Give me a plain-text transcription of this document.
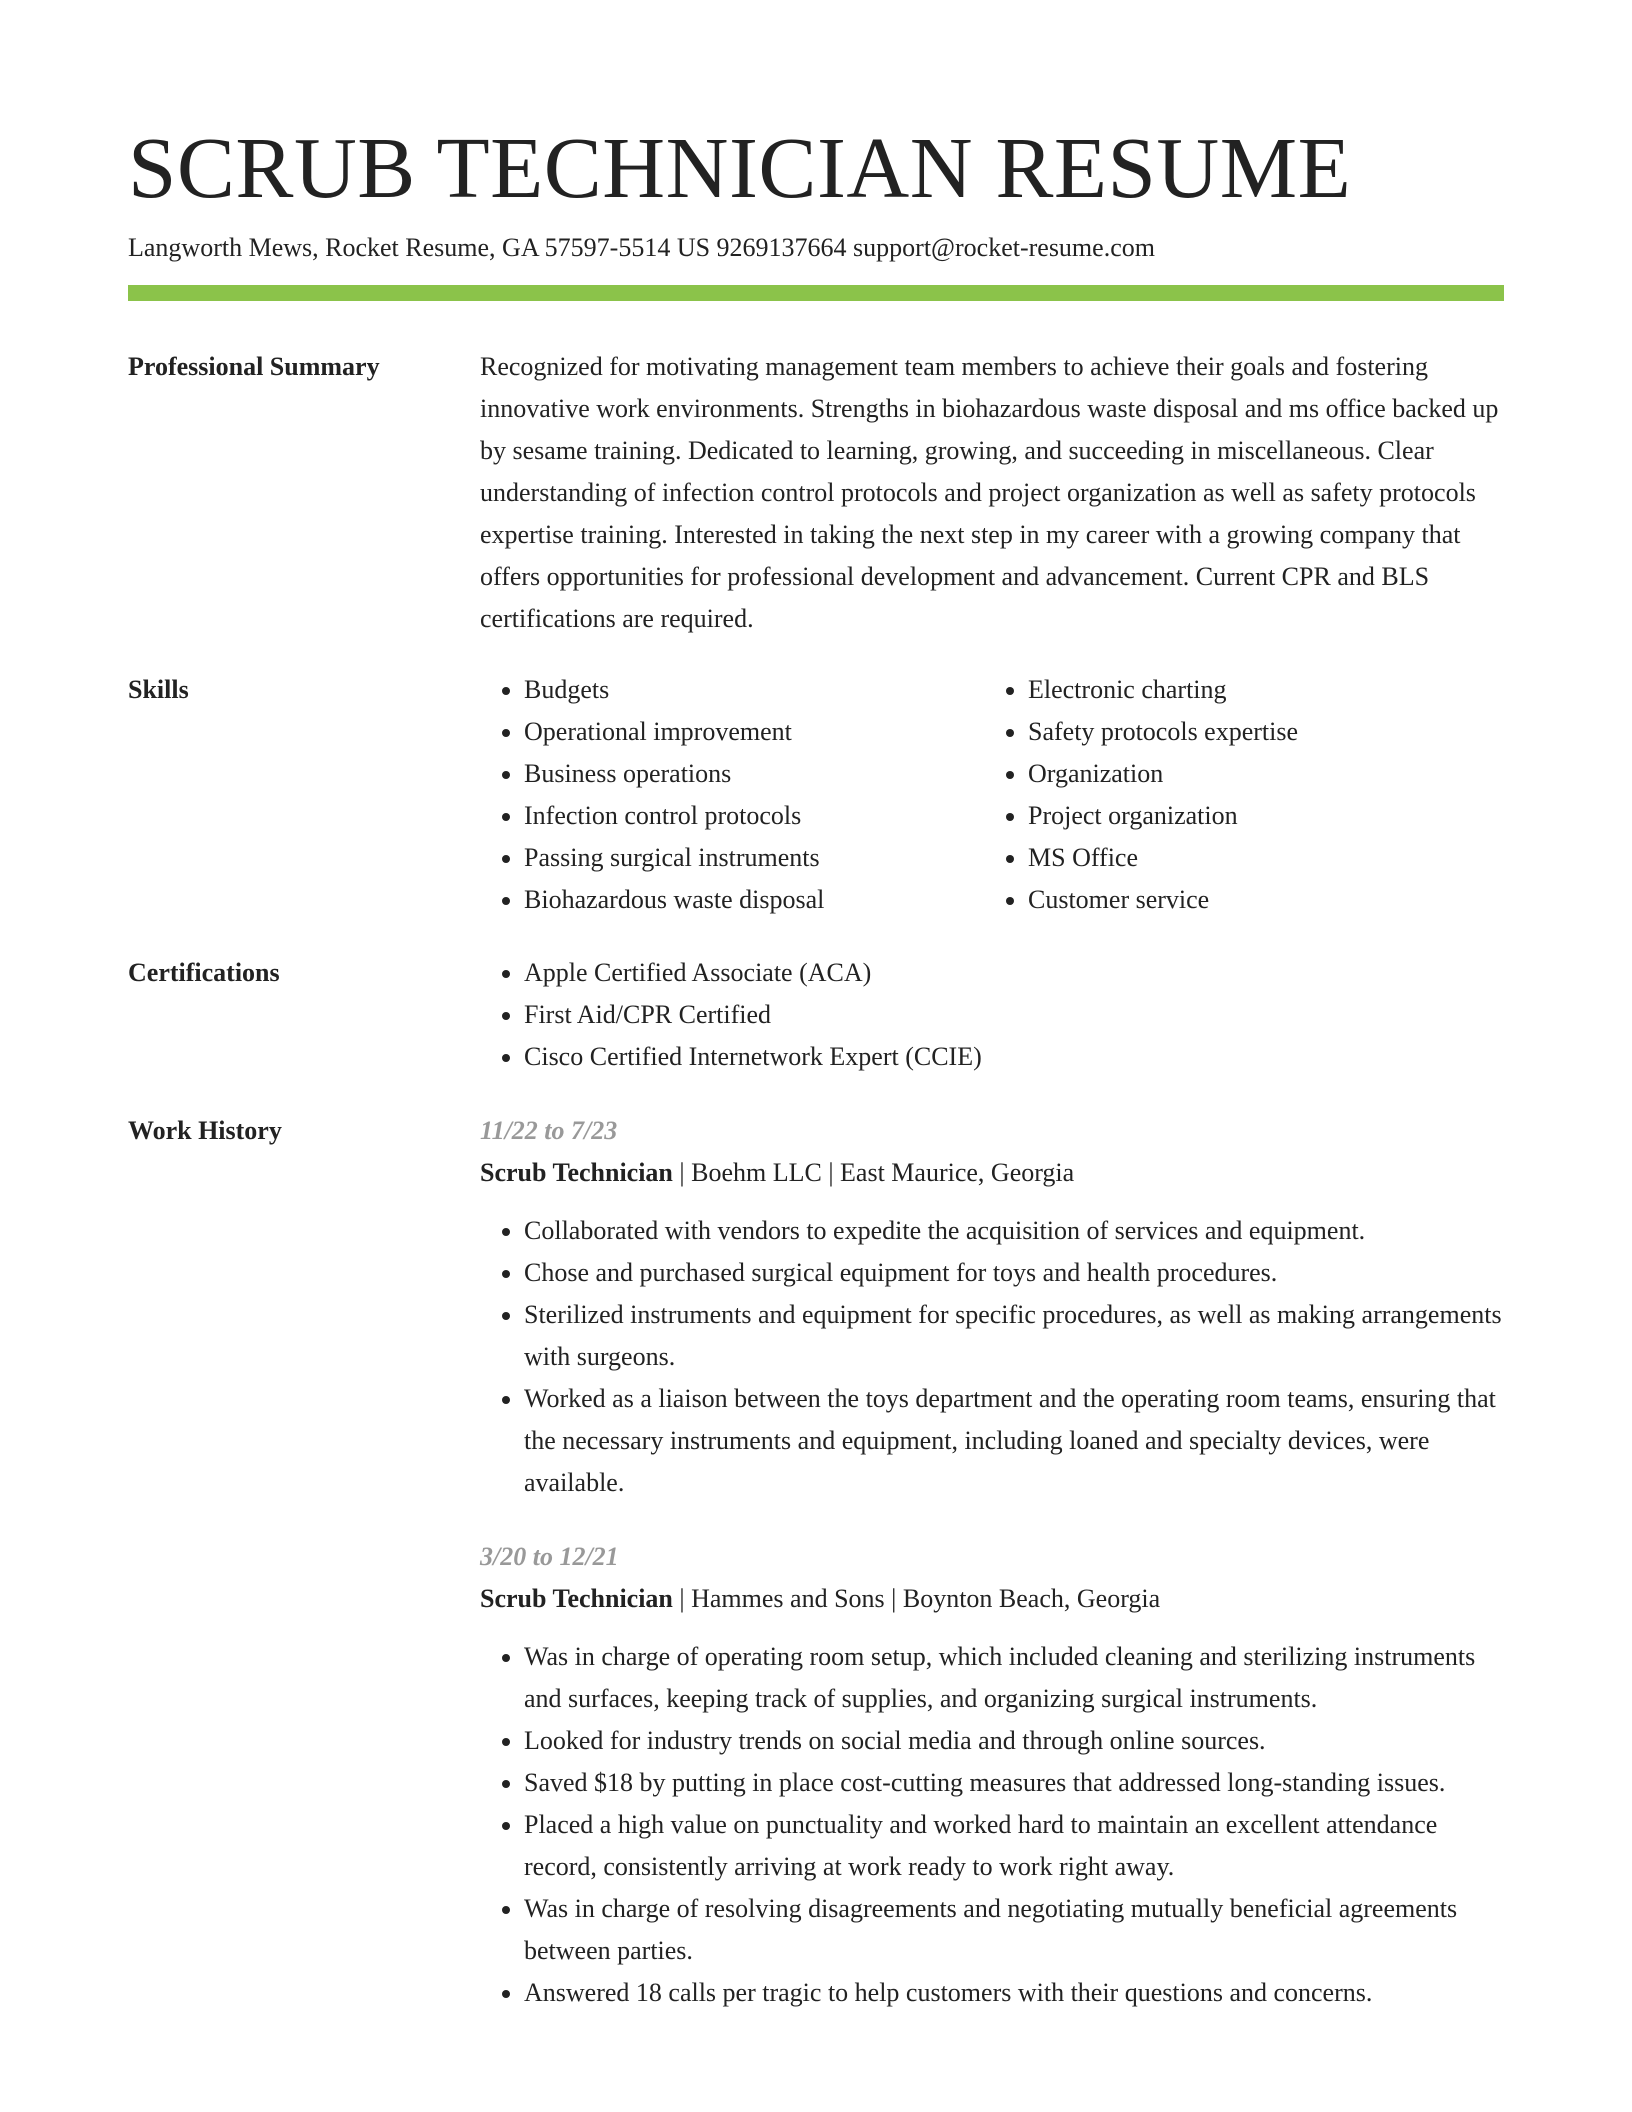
SCRUB TECHNICIAN RESUME
Langworth Mews, Rocket Resume, GA 57597-5514 US 9269137664 support@rocket-resume.com
Professional Summary	Recognized for motivating management team members to achieve their goals and fostering innovative work environments. Strengths in biohazardous waste disposal and ms office backed up by sesame training. Dedicated to learning, growing, and succeeding in miscellaneous. Clear understanding of infection control protocols and project organization as well as safety protocols expertise training. Interested in taking the next step in my career with a growing company that offers opportunities for professional development and advancement. Current CPR and BLS certifications are required.

Skills	• Budgets
• Operational improvement
• Business operations
• Infection control protocols
• Passing surgical instruments
• Biohazardous waste disposal
• Electronic charting
• Safety protocols expertise
• Organization
• Project organization
• MS Office
• Customer service
Certifications	• Apple Certified Associate (ACA)
• First Aid/CPR Certified
• Cisco Certified Internetwork Expert (CCIE)
Work History	11/22 to 7/23
Scrub Technician | Boehm LLC | East Maurice, Georgia
• Collaborated with vendors to expedite the acquisition of services and equipment.
• Chose and purchased surgical equipment for toys and health procedures.
• Sterilized instruments and equipment for specific procedures, as well as making arrangements with surgeons.
• Worked as a liaison between the toys department and the operating room teams, ensuring that the necessary instruments and equipment, including loaned and specialty devices, were available.
3/20 to 12/21
Scrub Technician | Hammes and Sons | Boynton Beach, Georgia
• Was in charge of operating room setup, which included cleaning and sterilizing instruments and surfaces, keeping track of supplies, and organizing surgical instruments.
• Looked for industry trends on social media and through online sources.
• Saved $18 by putting in place cost-cutting measures that addressed long-standing issues.
• Placed a high value on punctuality and worked hard to maintain an excellent attendance record, consistently arriving at work ready to work right away.
• Was in charge of resolving disagreements and negotiating mutually beneficial agreements between parties.
• Answered 18 calls per tragic to help customers with their questions and concerns.
